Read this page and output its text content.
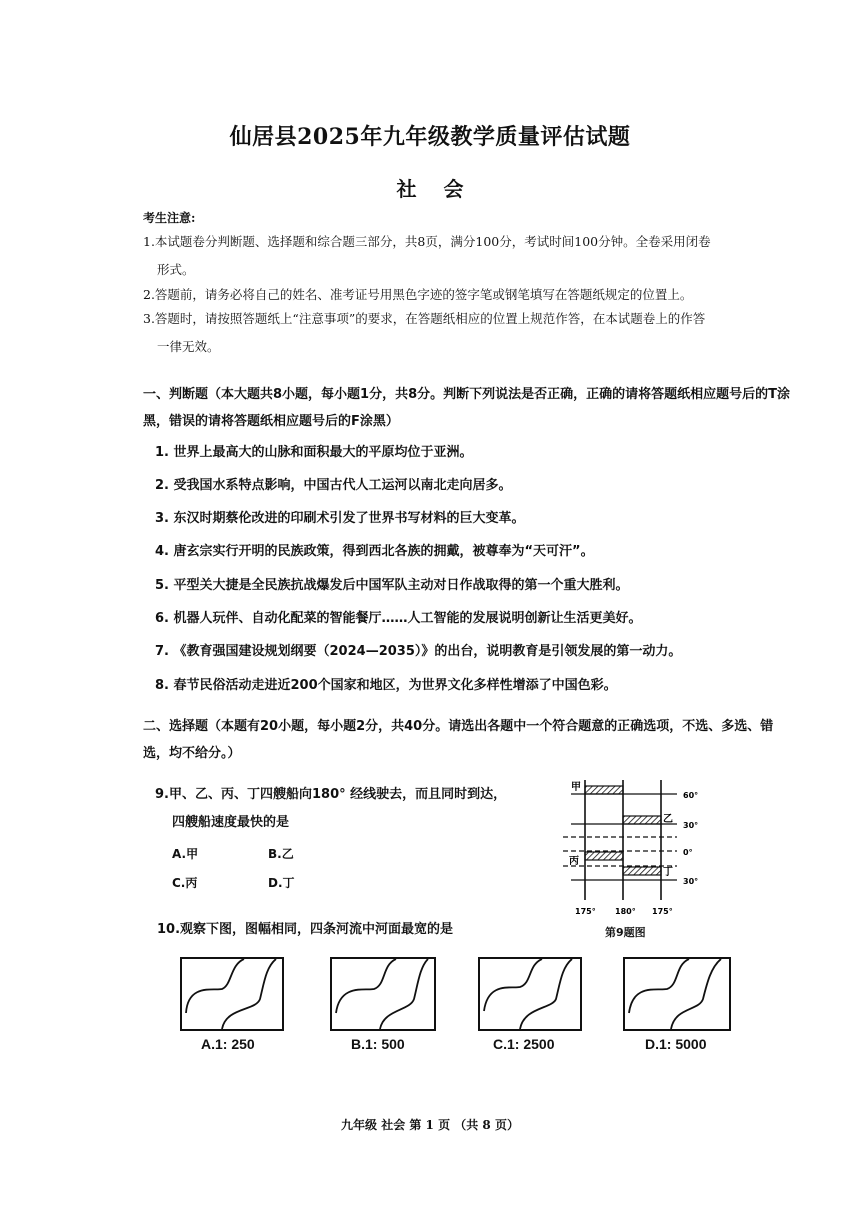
仙居县2025年九年级教学质量评估试题
社 会
考生注意:
1.本试题卷分判断题、选择题和综合题三部分，共8页，满分100分，考试时间100分钟。全卷采用闭卷
形式。
2.答题前，请务必将自己的姓名、准考证号用黑色字迹的签字笔或钢笔填写在答题纸规定的位置上。
3.答题时，请按照答题纸上“注意事项”的要求，在答题纸相应的位置上规范作答，在本试题卷上的作答
一律无效。
一、判断题（本大题共8小题，每小题1分，共8分。判断下列说法是否正确，正确的请将答题纸相应题号后的T涂黑，错误的请将答题纸相应题号后的F涂黑）
1. 世界上最高大的山脉和面积最大的平原均位于亚洲。
2. 受我国水系特点影响，中国古代人工运河以南北走向居多。
3. 东汉时期蔡伦改进的印刷术引发了世界书写材料的巨大变革。
4. 唐玄宗实行开明的民族政策，得到西北各族的拥戴，被尊奉为“天可汗”。
5. 平型关大捷是全民族抗战爆发后中国军队主动对日作战取得的第一个重大胜利。
6. 机器人玩伴、自动化配菜的智能餐厅……人工智能的发展说明创新让生活更美好。
7. 《教育强国建设规划纲要（2024—2035）》的出台，说明教育是引领发展的第一动力。
8. 春节民俗活动走进近200个国家和地区，为世界文化多样性增添了中国色彩。
二、选择题（本题有20小题，每小题2分，共40分。请选出各题中一个符合题意的正确选项，不选、多选、错选，均不给分。）
9.甲、乙、丙、丁四艘船向180° 经线驶去，而且同时到达，
四艘船速度最快的是
A.甲	B.乙
C.丙	D.丁
甲
乙
丙
丁
60°
30°
0°
30°
175° 180° 175°
第9题图
10.观察下图，图幅相同，四条河流中河面最宽的是
A.1: 250	B.1: 500	C.1: 2500	D.1: 5000
九年级 社会 第 1 页 （共 8 页）
